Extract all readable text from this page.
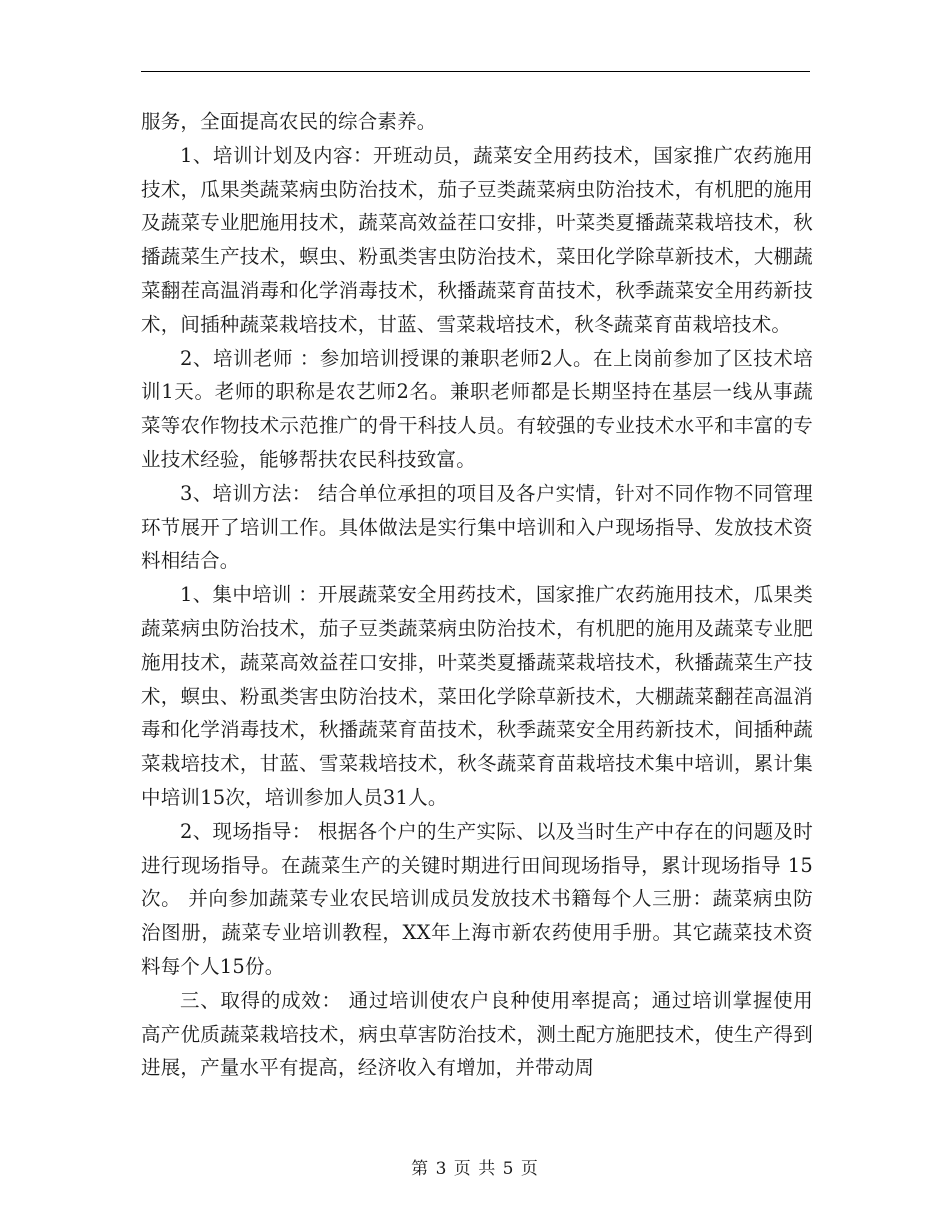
服务，全面提高农民的综合素养。

1、培训计划及内容：开班动员，蔬菜安全用药技术，国家推广农药施用技术，瓜果类蔬菜病虫防治技术，茄子豆类蔬菜病虫防治技术，有机肥的施用及蔬菜专业肥施用技术，蔬菜高效益茬口安排，叶菜类夏播蔬菜栽培技术，秋播蔬菜生产技术，螟虫、粉虱类害虫防治技术，菜田化学除草新技术，大棚蔬菜翻茬高温消毒和化学消毒技术，秋播蔬菜育苗技术，秋季蔬菜安全用药新技术，间插种蔬菜栽培技术，甘蓝、雪菜栽培技术，秋冬蔬菜育苗栽培技术。

2、培训老师 ：参加培训授课的兼职老师2人。在上岗前参加了区技术培训1天。老师的职称是农艺师2名。兼职老师都是长期坚持在基层一线从事蔬菜等农作物技术示范推广的骨干科技人员。有较强的专业技术水平和丰富的专业技术经验，能够帮扶农民科技致富。

3、培训方法： 结合单位承担的项目及各户实情，针对不同作物不同管理环节展开了培训工作。具体做法是实行集中培训和入户现场指导、发放技术资料相结合。

1、集中培训 ：开展蔬菜安全用药技术，国家推广农药施用技术，瓜果类蔬菜病虫防治技术，茄子豆类蔬菜病虫防治技术，有机肥的施用及蔬菜专业肥施用技术，蔬菜高效益茬口安排，叶菜类夏播蔬菜栽培技术，秋播蔬菜生产技术，螟虫、粉虱类害虫防治技术，菜田化学除草新技术，大棚蔬菜翻茬高温消毒和化学消毒技术，秋播蔬菜育苗技术，秋季蔬菜安全用药新技术，间插种蔬菜栽培技术，甘蓝、雪菜栽培技术，秋冬蔬菜育苗栽培技术集中培训，累计集中培训15次，培训参加人员31人。

2、现场指导： 根据各个户的生产实际、以及当时生产中存在的问题及时进行现场指导。在蔬菜生产的关键时期进行田间现场指导，累计现场指导 15次。 并向参加蔬菜专业农民培训成员发放技术书籍每个人三册：蔬菜病虫防治图册，蔬菜专业培训教程，XX年上海市新农药使用手册。其它蔬菜技术资料每个人15份。

三、取得的成效： 通过培训使农户良种使用率提高；通过培训掌握使用高产优质蔬菜栽培技术，病虫草害防治技术，测土配方施肥技术，使生产得到进展，产量水平有提高，经济收入有增加，并带动周

第 3 页 共 5 页
